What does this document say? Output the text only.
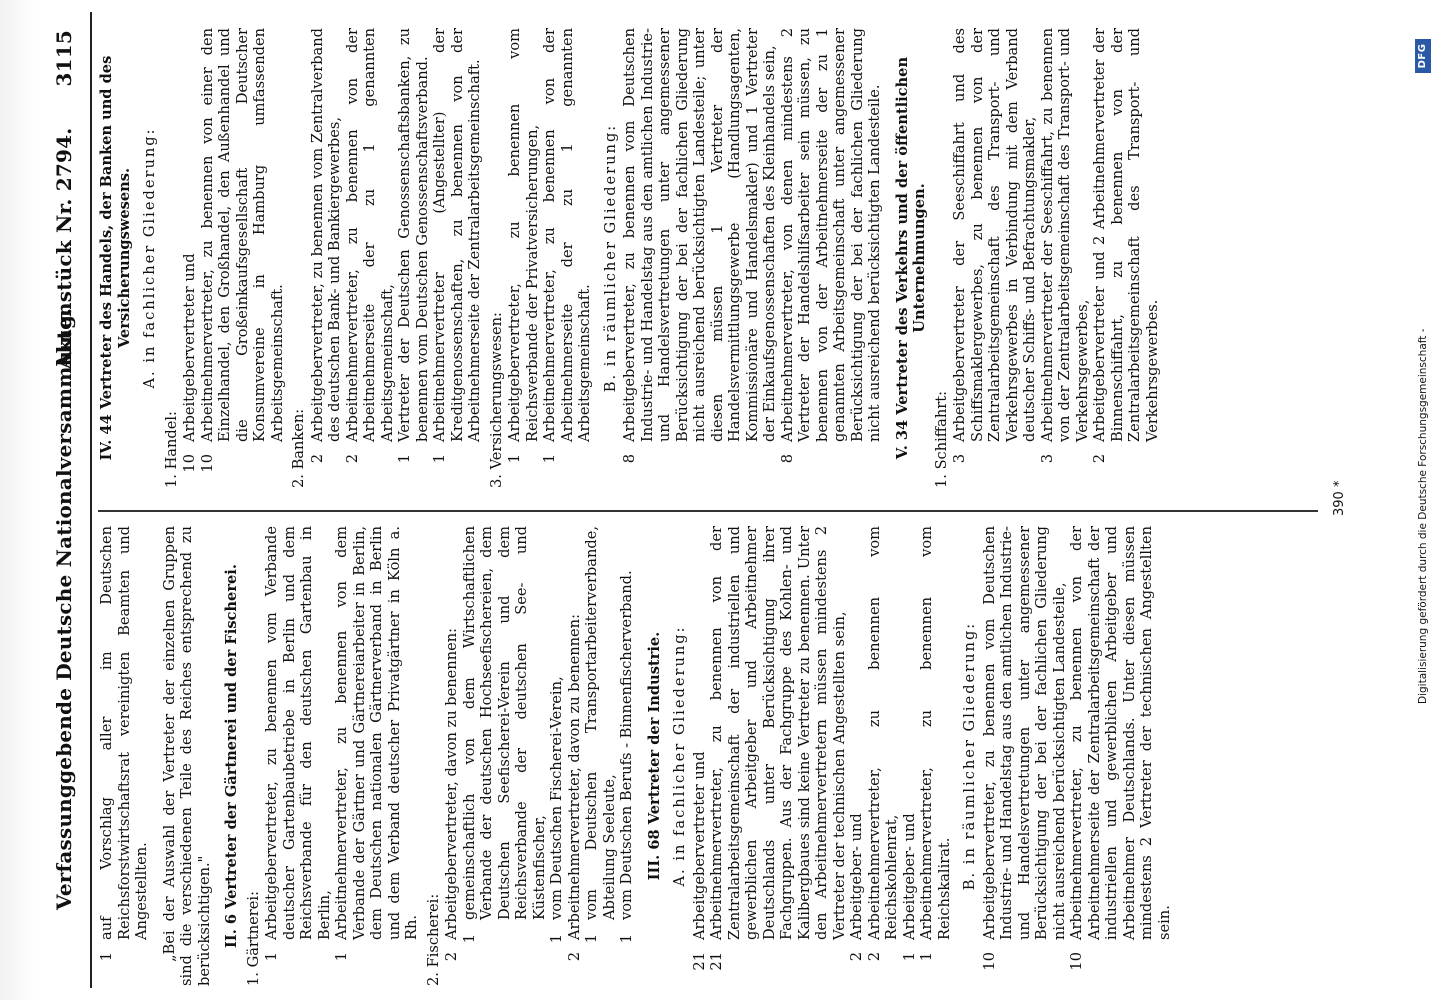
Verfassunggebende Deutsche Nationalversammlung.
Aktenstück Nr. 2794. 3115

1
auf Vorschlag aller im Deutschen Reichsforstwirtschaftsrat vereinigten Beamten und Angestellten. „Bei der Auswahl der Vertreter der einzelnen Gruppen sind die verschiedenen Teile des Reiches entsprechend zu berücksichtigen." II. 6 Vertreter der Gärtnerei und der Fischerei. 1. Gärtnerei: 1
Arbeitgebervertreter, zu benennen vom Verbande deutscher Gartenbaubetriebe in Berlin und dem Reichsverbande für den deutschen Gartenbau in Berlin,

1
Arbeitnehmervertreter, zu benennen von dem Verbande der Gärtner und Gärtnereiarbeiter in Berlin, dem Deutschen nationalen Gärtnerverband in Berlin und dem Verband deutscher Privatgärtner in Köln a. Rh. 2. Fischerei: 2
Arbeitgebervertreter, davon zu benennen: 1
gemeinschaftlich von dem Wirtschaftlichen Verbande der deutschen Hochseefischereien, dem Deutschen Seefischerei-Verein und dem Reichsverbande der deutschen See- und Küstenfischer,

1
vom Deutschen Fischerei-Verein,

2
Arbeitnehmervertreter, davon zu benennen: 1
vom Deutschen Transportarbeiterverbande, Abteilung Seeleute,

1
vom Deutschen Berufs - Binnenfischerverband. III. 68 Vertreter der Industrie. A. in fachlicher Gliederung:

21
Arbeitgebervertreter und

21
Arbeitnehmervertreter, zu benennen von der Zentralarbeitsgemeinschaft der industriellen und gewerblichen Arbeitgeber und Arbeitnehmer Deutschlands unter Berücksichtigung ihrer Fachgruppen. Aus der Fachgruppe des Kohlen- und Kalibergbaues sind keine Vertreter zu benennen. Unter den Arbeitnehmervertretern müssen mindestens 2 Vertreter der technischen Angestellten sein,

2
Arbeitgeber- und

2
Arbeitnehmervertreter, zu benennen vom Reichskohlenrat,

1
Arbeitgeber- und

1
Arbeitnehmervertreter, zu benennen vom Reichskalirat. B. in räumlicher Gliederung:

10
Arbeitgebervertreter, zu benennen vom Deutschen Industrie- und Handelstag aus den amtlichen Industrie- und Handelsvertretungen unter angemessener Berücksichtigung der bei der fachlichen Gliederung nicht ausreichend berücksichtigten Landesteile,

10
Arbeitnehmervertreter, zu benennen von der Arbeitnehmerseite der Zentralarbeitsgemeinschaft der industriellen und gewerblichen Arbeitgeber und Arbeitnehmer Deutschlands. Unter diesen müssen mindestens 2 Vertreter der technischen Angestellten sein.

IV. 44 Vertreter des Handels, der Banken und des Versicherungswesens. A. in fachlicher Gliederung:

1. Handel: 10
Arbeitgebervertreter und

10
Arbeitnehmervertreter, zu benennen von einer den Einzelhandel, den Großhandel, den Außenhandel und die Großeinkaufsgesellschaft Deutscher Konsumvereine in Hamburg umfassenden Arbeitsgemeinschaft.

2. Banken: 2
Arbeitgebervertreter, zu benennen vom Zentralverband des deutschen Bank- und Bankiergewerbes,

2
Arbeitnehmervertreter, zu benennen von der Arbeitnehmerseite der zu 1 genannten Arbeitsgemeinschaft,

1
Vertreter der Deutschen Genossenschaftsbanken, zu benennen vom Deutschen Genossenschaftsverband.

1
Arbeitnehmervertreter (Angestellter) der Kreditgenossenschaften, zu benennen von der Arbeitnehmerseite der Zentralarbeitsgemeinschaft. 3. Versicherungswesen: 1
Arbeitgebervertreter, zu benennen vom Reichsverbande der Privatversicherungen,

1
Arbeitnehmervertreter, zu benennen von der Arbeitnehmerseite der zu 1 genannten Arbeitsgemeinschaft. B. in räumlicher Gliederung:

8
Arbeitgebervertreter, zu benennen vom Deutschen Industrie- und Handelstag aus den amtlichen Industrie- und Handelsvertretungen unter angemessener Berücksichtigung der bei der fachlichen Gliederung nicht ausreichend berücksichtigten Landesteile; unter diesen müssen 1 Vertreter der Handelsvermittlungsgewerbe (Handlungsagenten, Kommissionäre und Handelsmakler) und 1 Vertreter der Einkaufsgenossenschaften des Kleinhandels sein,

8
Arbeitnehmervertreter, von denen mindestens 2 Vertreter der Handelshilfsarbeiter sein müssen, zu benennen von der Arbeitnehmerseite der zu 1 genannten Arbeitsgemeinschaft unter angemessener Berücksichtigung der bei der fachlichen Gliederung nicht ausreichend berücksichtigten Landesteile. V. 34 Vertreter des Verkehrs und der öffentlichen Unternehmungen.

1. Schiffahrt: 3
Arbeitgebervertreter der Seeschiffahrt und des Schiffsmaklergewerbes, zu benennen von der Zentralarbeitsgemeinschaft des Transport- und Verkehrsgewerbes in Verbindung mit dem Verband deutscher Schiffs- und Befrachtungsmakler,

3
Arbeitnehmervertreter der Seeschiffahrt, zu benennen von der Zentralarbeitsgemeinschaft des Transport- und Verkehrsgewerbes,

2
Arbeitgebervertreter und 2 Arbeitnehmervertreter der Binnenschiffahrt, zu benennen von der Zentralarbeitsgemeinschaft des Transport- und Verkehrsgewerbes.

390 *	Digitalisierung gefördert durch die Deutsche Forschungsgemeinschaft -
DFG
